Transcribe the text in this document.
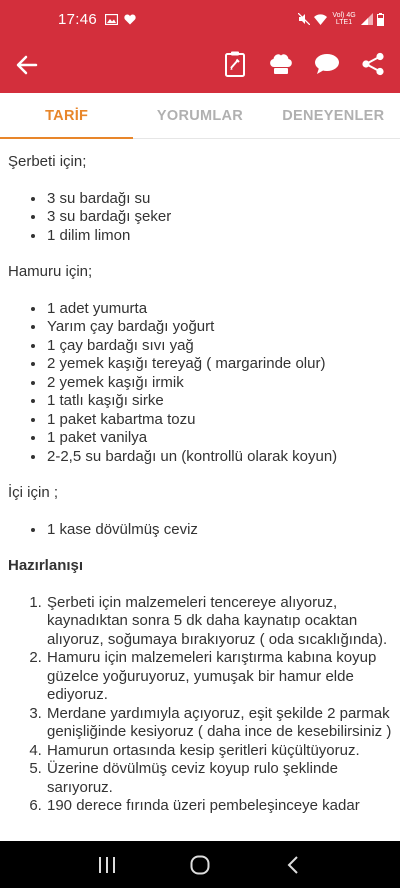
17:46	Vol) 4G LTE1
TARİF	YORUMLAR	DENEYENLER
Şerbeti için;
• 3 su bardağı su
• 3 su bardağı şeker
• 1 dilim limon
Hamuru için;
• 1 adet yumurta
• Yarım çay bardağı yoğurt
• 1 çay bardağı sıvı yağ
• 2 yemek kaşığı tereyağ ( margarinde olur)
• 2 yemek kaşığı irmik
• 1 tatlı kaşığı sirke
• 1 paket kabartma tozu
• 1 paket vanilya
• 2-2,5 su bardağı un (kontrollü olarak koyun)
İçi için ;
• 1 kase dövülmüş ceviz
Hazırlanışı
1. Şerbeti için malzemeleri tencereye alıyoruz, kaynadıktan sonra 5 dk daha kaynatıp ocaktan alıyoruz, soğumaya bırakıyoruz ( oda sıcaklığında).
2. Hamuru için malzemeleri karıştırma kabına koyup güzelce yoğuruyoruz, yumuşak bir hamur elde ediyoruz.
3. Merdane yardımıyla açıyoruz, eşit şekilde 2 parmak genişliğinde kesiyoruz ( daha ince de kesebilirsiniz )
4. Hamurun ortasında kesip şeritleri küçültüyoruz.
5. Üzerine dövülmüş ceviz koyup rulo şeklinde sarıyoruz.
6. 190 derece fırında üzeri pembeleşinceye kadar
